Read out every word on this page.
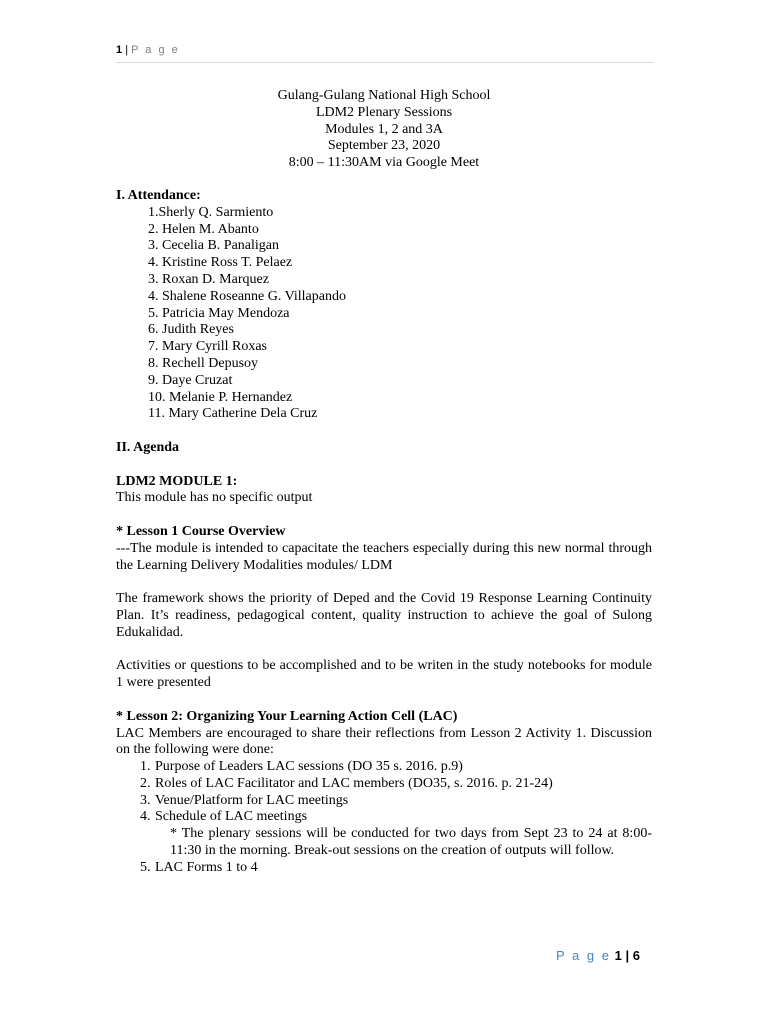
1 | P a g e
Gulang-Gulang National High School
LDM2 Plenary Sessions
Modules 1, 2 and 3A
September 23, 2020
8:00 – 11:30AM via Google Meet

I. Attendance:

1.Sherly Q. Sarmiento
2. Helen M. Abanto
3. Cecelia B. Panaligan
4. Kristine Ross T. Pelaez
3. Roxan D. Marquez
4. Shalene Roseanne G. Villapando
5. Patricia May Mendoza
6. Judith Reyes
7. Mary Cyrill Roxas
8. Rechell Depusoy
9. Daye Cruzat
10. Melanie P. Hernandez
11. Mary Catherine Dela Cruz

II. Agenda

LDM2 MODULE 1:

This module has no specific output

* Lesson 1 Course Overview

---The module is intended to capacitate the teachers especially during this new normal through the Learning Delivery Modalities modules/ LDM

The framework shows the priority of Deped and the Covid 19 Response Learning Continuity Plan. It’s readiness, pedagogical content, quality instruction to achieve the goal of Sulong Edukalidad.

Activities or questions to be accomplished and to be writen in the study notebooks for module 1 were presented

* Lesson 2: Organizing Your Learning Action Cell (LAC)

LAC Members are encouraged to share their reflections from Lesson 2 Activity 1. Discussion on the following were done:

1. Purpose of Leaders LAC sessions (DO 35 s. 2016. p.9)
2. Roles of LAC Facilitator and LAC members (DO35, s. 2016. p. 21-24)
3. Venue/Platform for LAC meetings
4. Schedule of LAC meetings

* The plenary sessions will be conducted for two days from Sept 23 to 24 at 8:00-11:30 in the morning. Break-out sessions on the creation of outputs will follow.

5. LAC Forms 1 to 4
P a g e 1 | 6
